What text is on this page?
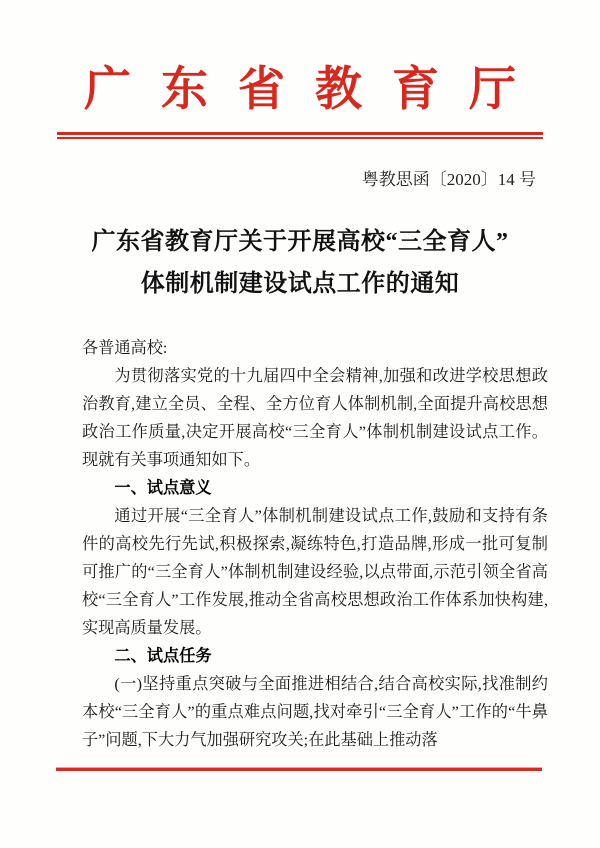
广东省教育厅
粤教思函〔2020〕14 号
广东省教育厅关于开展高校“三全育人”
体制机制建设试点工作的通知

各普通高校:

为贯彻落实党的十九届四中全会精神,加强和改进学校思想政治教育,建立全员、全程、全方位育人体制机制,全面提升高校思想政治工作质量,决定开展高校“三全育人”体制机制建设试点工作。现就有关事项通知如下。

一、试点意义

通过开展“三全育人”体制机制建设试点工作,鼓励和支持有条件的高校先行先试,积极探索,凝练特色,打造品牌,形成一批可复制可推广的“三全育人”体制机制建设经验,以点带面,示范引领全省高校“三全育人”工作发展,推动全省高校思想政治工作体系加快构建,实现高质量发展。

二、试点任务

(一)坚持重点突破与全面推进相结合,结合高校实际,找准制约本校“三全育人”的重点难点问题,找对牵引“三全育人”工作的“牛鼻子”问题,下大力气加强研究攻关;在此基础上推动落
